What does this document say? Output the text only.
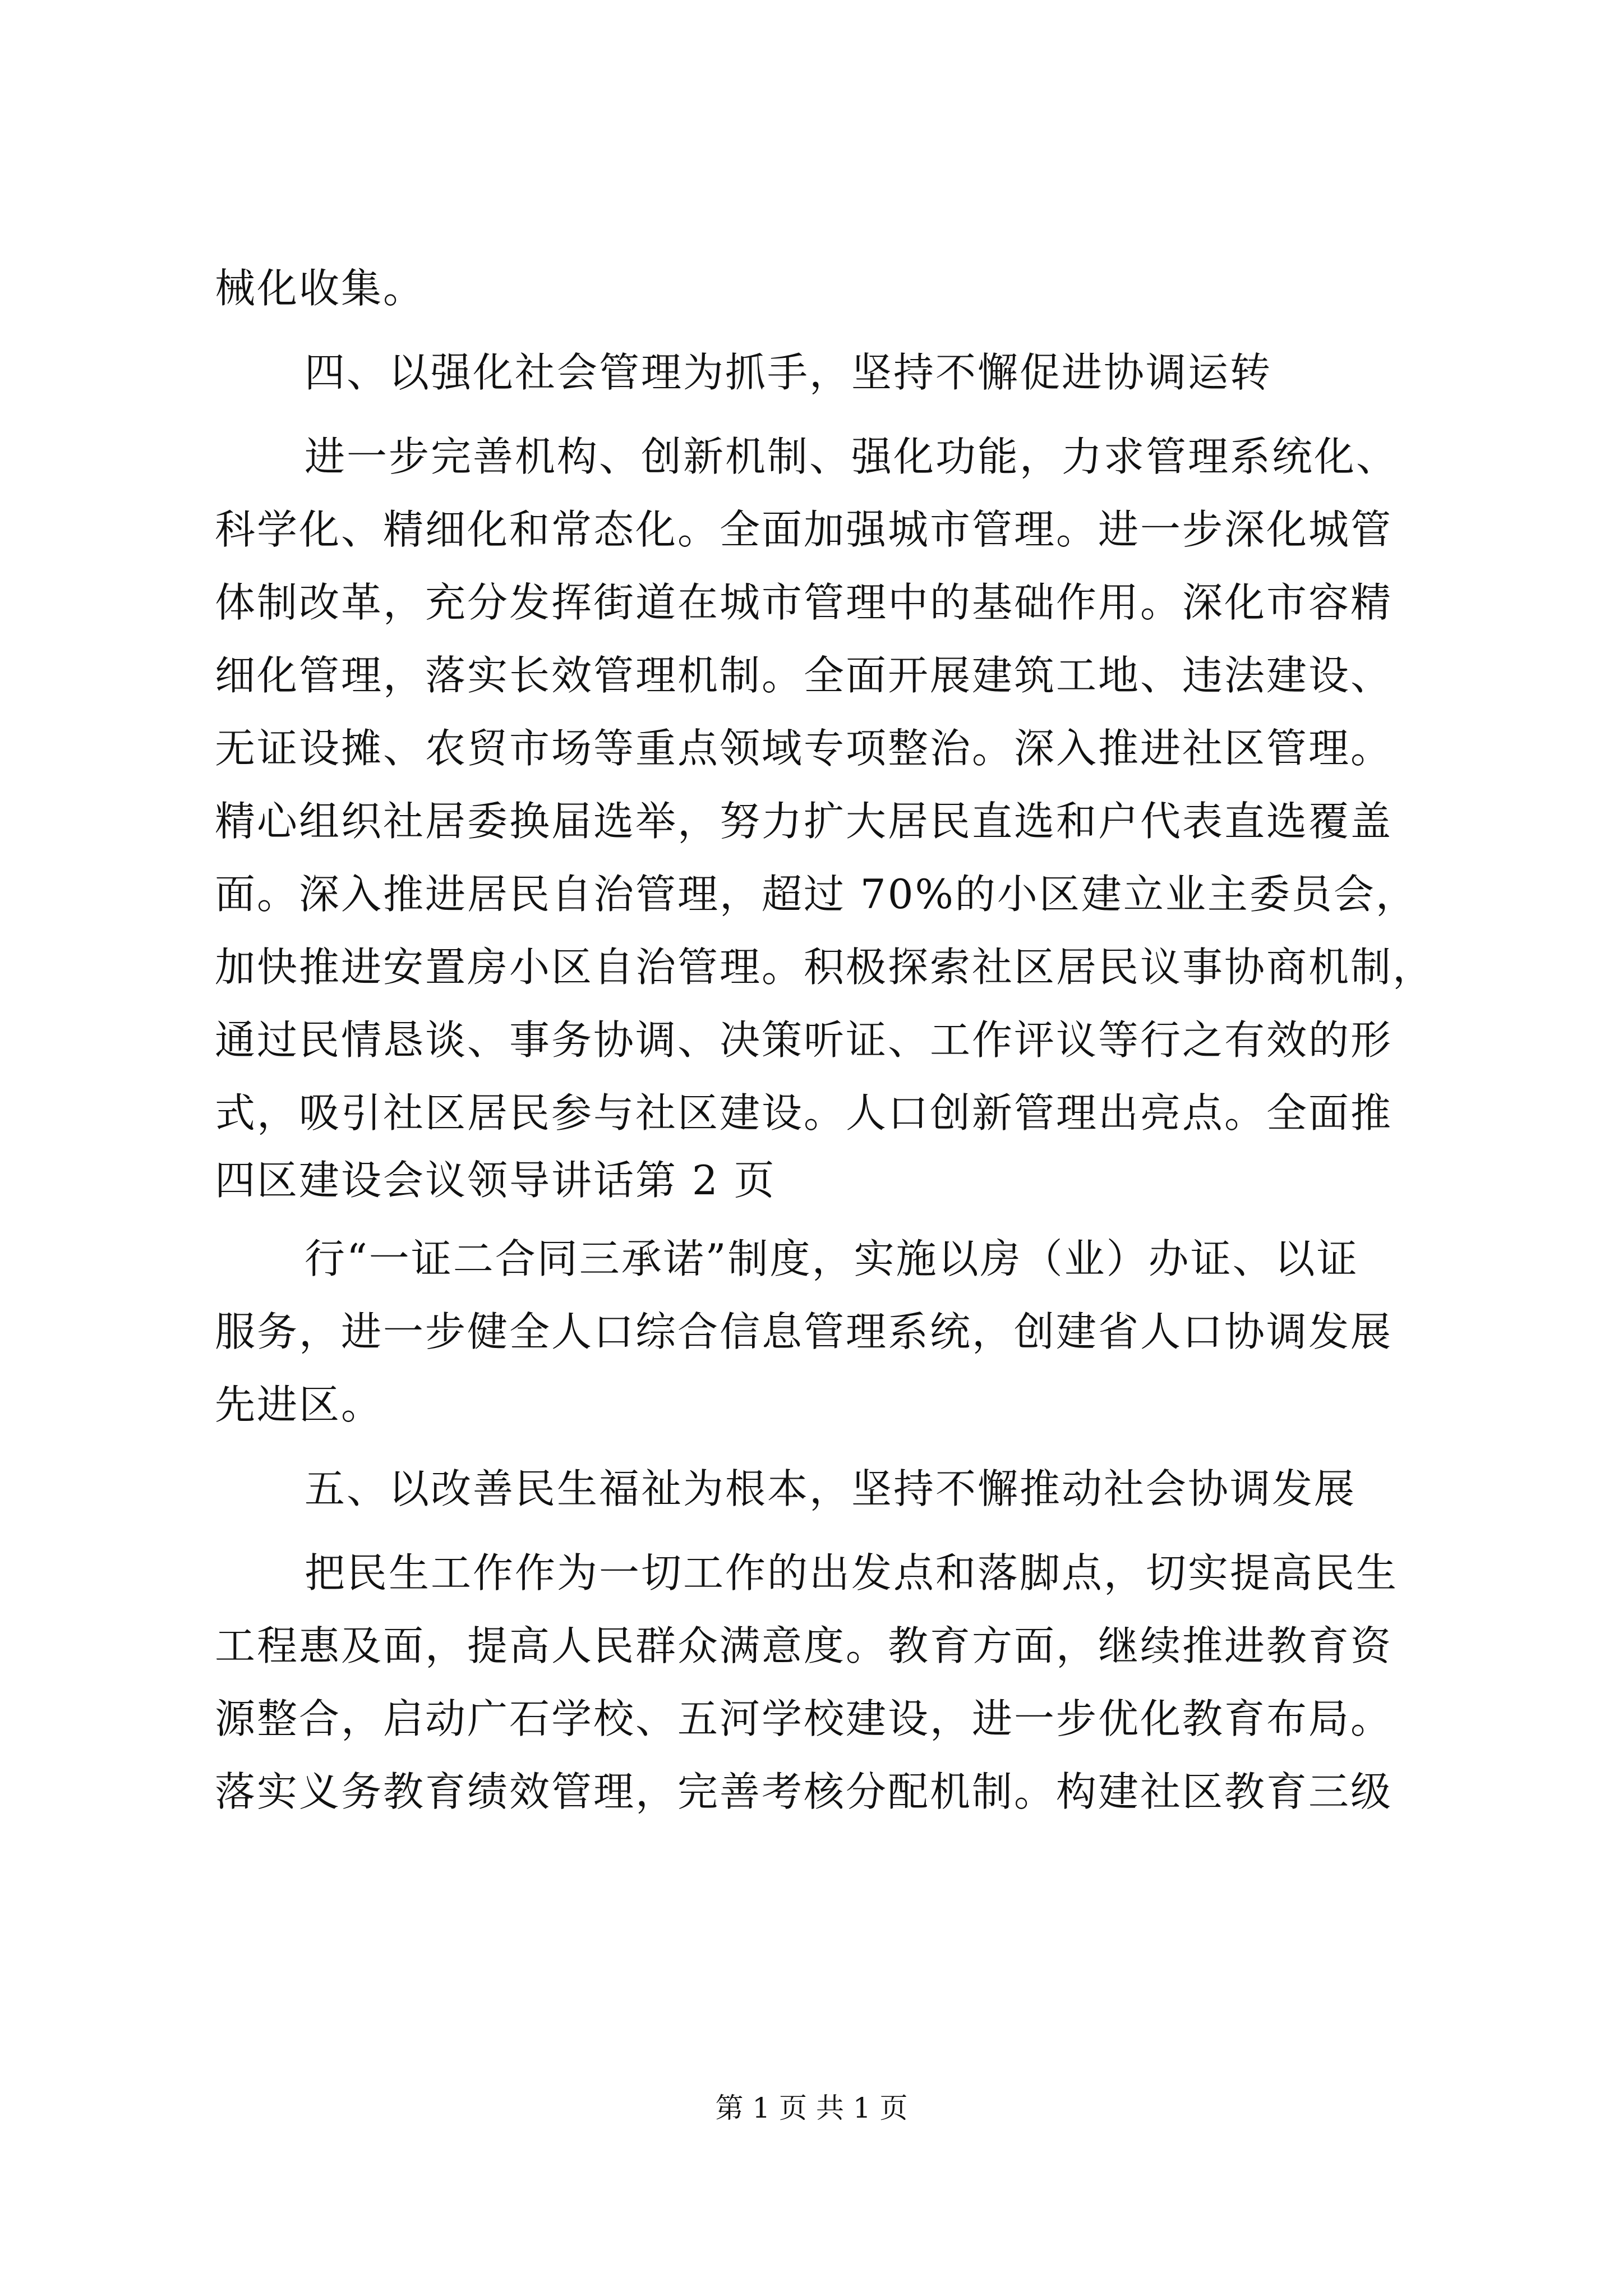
械化收集。
四、以强化社会管理为抓手，坚持不懈促进协调运转
进一步完善机构、创新机制、强化功能，力求管理系统化、
科学化、精细化和常态化。全面加强城市管理。进一步深化城管
体制改革，充分发挥街道在城市管理中的基础作用。深化市容精
细化管理，落实长效管理机制。全面开展建筑工地、违法建设、
无证设摊、农贸市场等重点领域专项整治。深入推进社区管理。
精心组织社居委换届选举，努力扩大居民直选和户代表直选覆盖
面。深入推进居民自治管理，超过 70%的小区建立业主委员会，
加快推进安置房小区自治管理。积极探索社区居民议事协商机制，
通过民情恳谈、事务协调、决策听证、工作评议等行之有效的形
式，吸引社区居民参与社区建设。人口创新管理出亮点。全面推
四区建设会议领导讲话第 2 页
行“一证二合同三承诺”制度，实施以房（业）办证、以证
服务，进一步健全人口综合信息管理系统，创建省人口协调发展
先进区。
五、以改善民生福祉为根本，坚持不懈推动社会协调发展
把民生工作作为一切工作的出发点和落脚点，切实提高民生
工程惠及面，提高人民群众满意度。教育方面，继续推进教育资
源整合，启动广石学校、五河学校建设，进一步优化教育布局。
落实义务教育绩效管理，完善考核分配机制。构建社区教育三级
第 1 页 共 1 页
